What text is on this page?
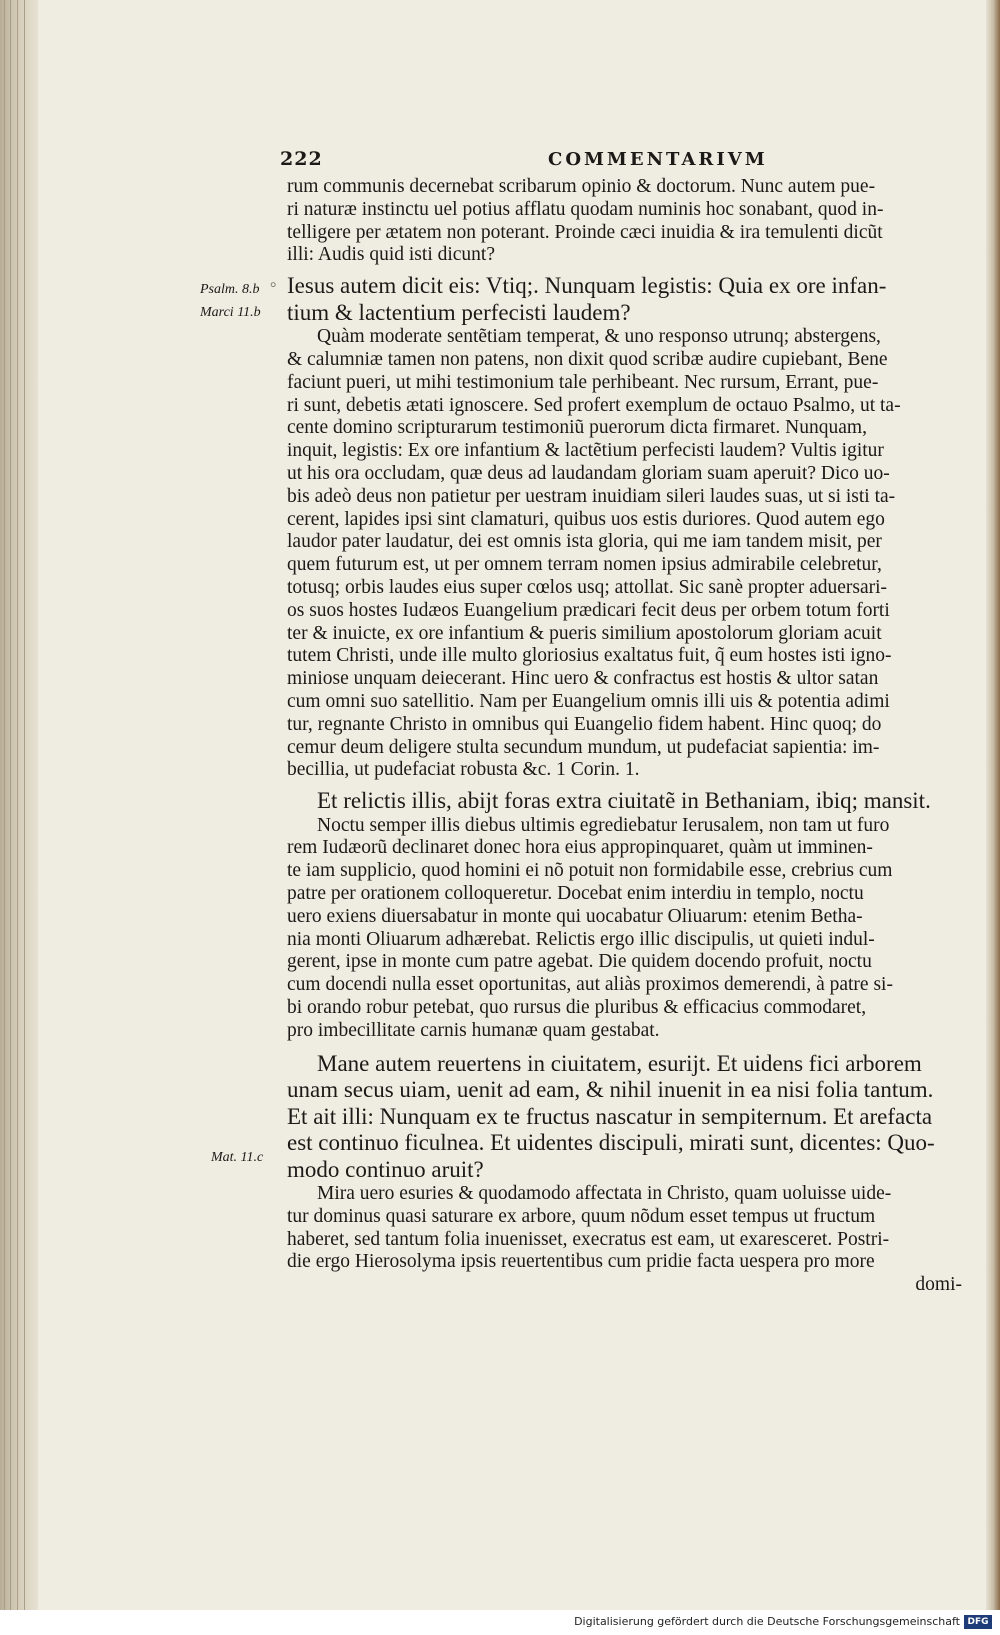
222	COMMENTARIVM
Psalm. 8.b
Marci 11.b
Mat. 11.c
°
rum communis decernebat scribarum opinio & doctorum. Nunc autem pue-
ri naturæ instinctu uel potius afflatu quodam numinis hoc sonabant, quod in-
telligere per ætatem non poterant. Proinde cæci inuidia & ira temulenti dicũt
illi: Audis quid isti dicunt?
Iesus autem dicit eis: Vtiq;. Nunquam legistis: Quia ex ore infan-
tium & lactentium perfecisti laudem?
Quàm moderate sentẽtiam temperat, & uno responso utrunq; abstergens,
& calumniæ tamen non patens, non dixit quod scribæ audire cupiebant, Bene
faciunt pueri, ut mihi testimonium tale perhibeant. Nec rursum, Errant, pue-
ri sunt, debetis ætati ignoscere. Sed profert exemplum de octauo Psalmo, ut ta-
cente domino scripturarum testimoniũ puerorum dicta firmaret. Nunquam,
inquit, legistis: Ex ore infantium & lactẽtium perfecisti laudem? Vultis igitur
ut his ora occludam, quæ deus ad laudandam gloriam suam aperuit? Dico uo-
bis adeò deus non patietur per uestram inuidiam sileri laudes suas, ut si isti ta-
cerent, lapides ipsi sint clamaturi, quibus uos estis duriores. Quod autem ego
laudor pater laudatur, dei est omnis ista gloria, qui me iam tandem misit, per
quem futurum est, ut per omnem terram nomen ipsius admirabile celebretur,
totusq; orbis laudes eius super cœlos usq; attollat. Sic sanè propter aduersari-
os suos hostes Iudæos Euangelium prædicari fecit deus per orbem totum forti
ter & inuicte, ex ore infantium & pueris similium apostolorum gloriam acuit
tutem Christi, unde ille multo gloriosius exaltatus fuit, q̃ eum hostes isti igno-
miniose unquam deiecerant. Hinc uero & confractus est hostis & ultor satan
cum omni suo satellitio. Nam per Euangelium omnis illi uis & potentia adimi
tur, regnante Christo in omnibus qui Euangelio fidem habent. Hinc quoq; do
cemur deum deligere stulta secundum mundum, ut pudefaciat sapientia: im-
becillia, ut pudefaciat robusta &c. 1 Corin. 1.
Et relictis illis, abijt foras extra ciuitatẽ in Bethaniam, ibiq; mansit.
Noctu semper illis diebus ultimis egrediebatur Ierusalem, non tam ut furo
rem Iudæorũ declinaret donec hora eius appropinquaret, quàm ut imminen-
te iam supplicio, quod homini ei nõ potuit non formidabile esse, crebrius cum
patre per orationem colloqueretur. Docebat enim interdiu in templo, noctu
uero exiens diuersabatur in monte qui uocabatur Oliuarum: etenim Betha-
nia monti Oliuarum adhærebat. Relictis ergo illic discipulis, ut quieti indul-
gerent, ipse in monte cum patre agebat. Die quidem docendo profuit, noctu
cum docendi nulla esset oportunitas, aut aliàs proximos demerendi, à patre si-
bi orando robur petebat, quo rursus die pluribus & efficacius commodaret,
pro imbecillitate carnis humanæ quam gestabat.
Mane autem reuertens in ciuitatem, esurijt. Et uidens fici arborem
unam secus uiam, uenit ad eam, & nihil inuenit in ea nisi folia tantum.
Et ait illi: Nunquam ex te fructus nascatur in sempiternum. Et arefacta
est continuo ficulnea. Et uidentes discipuli, mirati sunt, dicentes: Quo-
modo continuo aruit?
Mira uero esuries & quodamodo affectata in Christo, quam uoluisse uide-
tur dominus quasi saturare ex arbore, quum nõdum esset tempus ut fructum
haberet, sed tantum folia inuenisset, execratus est eam, ut exaresceret. Postri-
die ergo Hierosolyma ipsis reuertentibus cum pridie facta uespera pro more
domi-
Digitalisierung gefördert durch die Deutsche Forschungsgemeinschaft DFG
